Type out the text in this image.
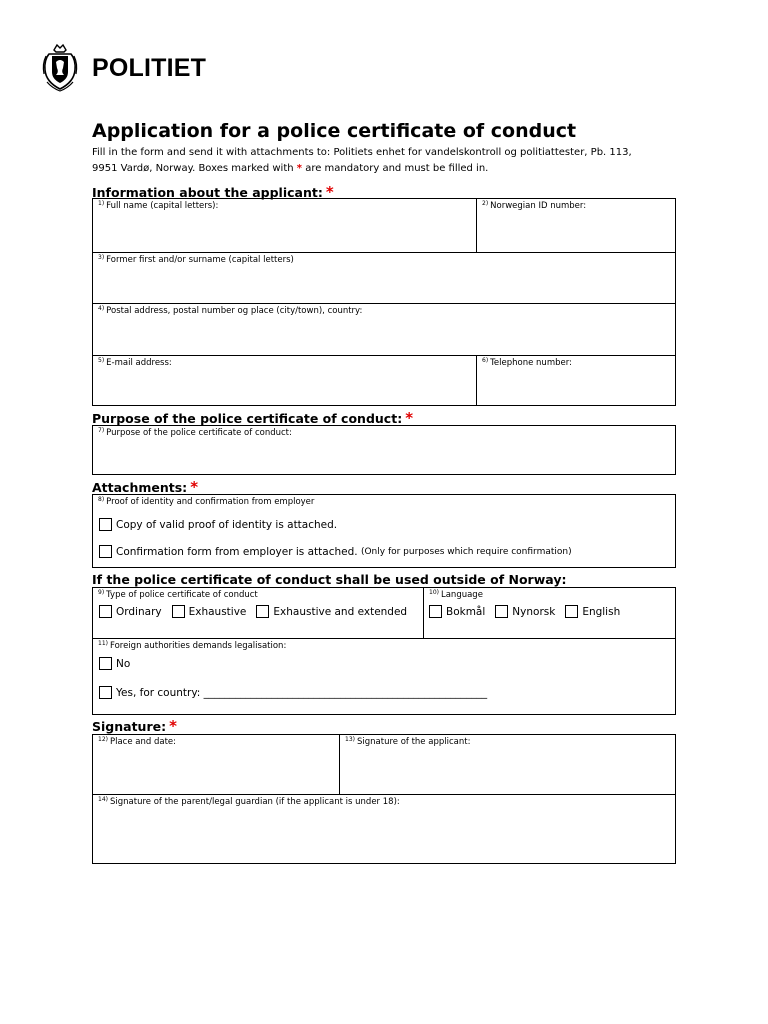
POLITIET
Application for a police certificate of conduct
Fill in the form and send it with attachments to: Politiets enhet for vandelskontroll og politiattester, Pb. 113,
9951 Vardø, Norway. Boxes marked with * are mandatory and must be filled in.
Information about the applicant: *
$^{1)}$ Full name (capital letters):	$^{2)}$ Norwegian ID number:
$^{3)}$ Former first and/or surname (capital letters)
$^{4)}$ Postal address, postal number og place (city/town), country:
$^{5)}$ E-mail address:	$^{6)}$ Telephone number:
Purpose of the police certificate of conduct: *
$^{7)}$ Purpose of the police certificate of conduct:
Attachments: *
$^{8)}$ Proof of identity and confirmation from employer
Copy of valid proof of identity is attached.
Confirmation form from employer is attached.
(Only for purposes which require confirmation)
If the police certificate of conduct shall be used outside of Norway:
$^{9)}$ Type of police certificate of conduct
Ordinary	Exhaustive	Exhaustive and extended
$^{10)}$ Language
Bokmål	Nynorsk	English
$^{11)}$ Foreign authorities demands legalisation:
No
Yes, for country: ______________________________________________________
Signature: *
$^{12)}$ Place and date:	$^{13)}$ Signature of the applicant:
$^{14)}$ Signature of the parent/legal guardian (if the applicant is under 18):
